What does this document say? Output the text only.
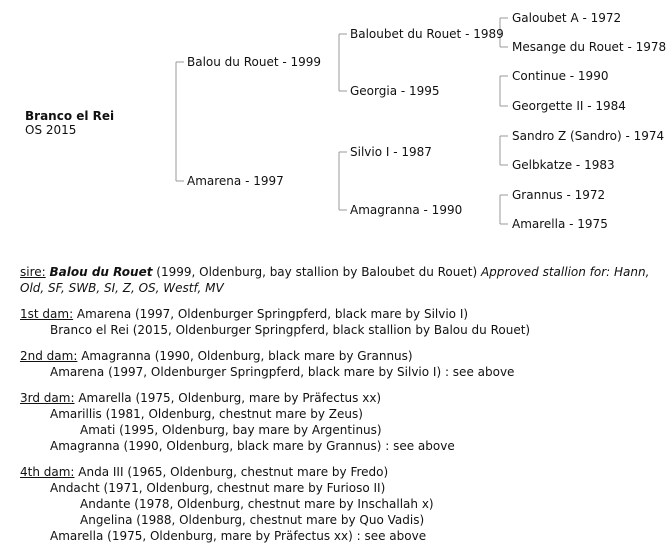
Branco el Rei
OS 2015
Balou du Rouet - 1999
Amarena - 1997
Baloubet du Rouet - 1989
Georgia - 1995
Silvio I - 1987
Amagranna - 1990
Galoubet A - 1972
Mesange du Rouet - 1978
Continue - 1990
Georgette II - 1984
Sandro Z (Sandro) - 1974
Gelbkatze - 1983
Grannus - 1972
Amarella - 1975

sire: Balou du Rouet (1999, Oldenburg, bay stallion by Baloubet du Rouet) Approved stallion for: Hann, Old, SF, SWB, SI, Z, OS, Westf, MV

1st dam: Amarena (1997, Oldenburger Springpferd, black mare by Silvio I)
Branco el Rei (2015, Oldenburger Springpferd, black stallion by Balou du Rouet)
2nd dam: Amagranna (1990, Oldenburg, black mare by Grannus)
Amarena (1997, Oldenburger Springpferd, black mare by Silvio I) : see above
3rd dam: Amarella (1975, Oldenburg, mare by Präfectus xx)
Amarillis (1981, Oldenburg, chestnut mare by Zeus)
Amati (1995, Oldenburg, bay mare by Argentinus)
Amagranna (1990, Oldenburg, black mare by Grannus) : see above
4th dam: Anda III (1965, Oldenburg, chestnut mare by Fredo)
Andacht (1971, Oldenburg, chestnut mare by Furioso II)
Andante (1978, Oldenburg, chestnut mare by Inschallah x)
Angelina (1988, Oldenburg, chestnut mare by Quo Vadis)
Amarella (1975, Oldenburg, mare by Präfectus xx) : see above
